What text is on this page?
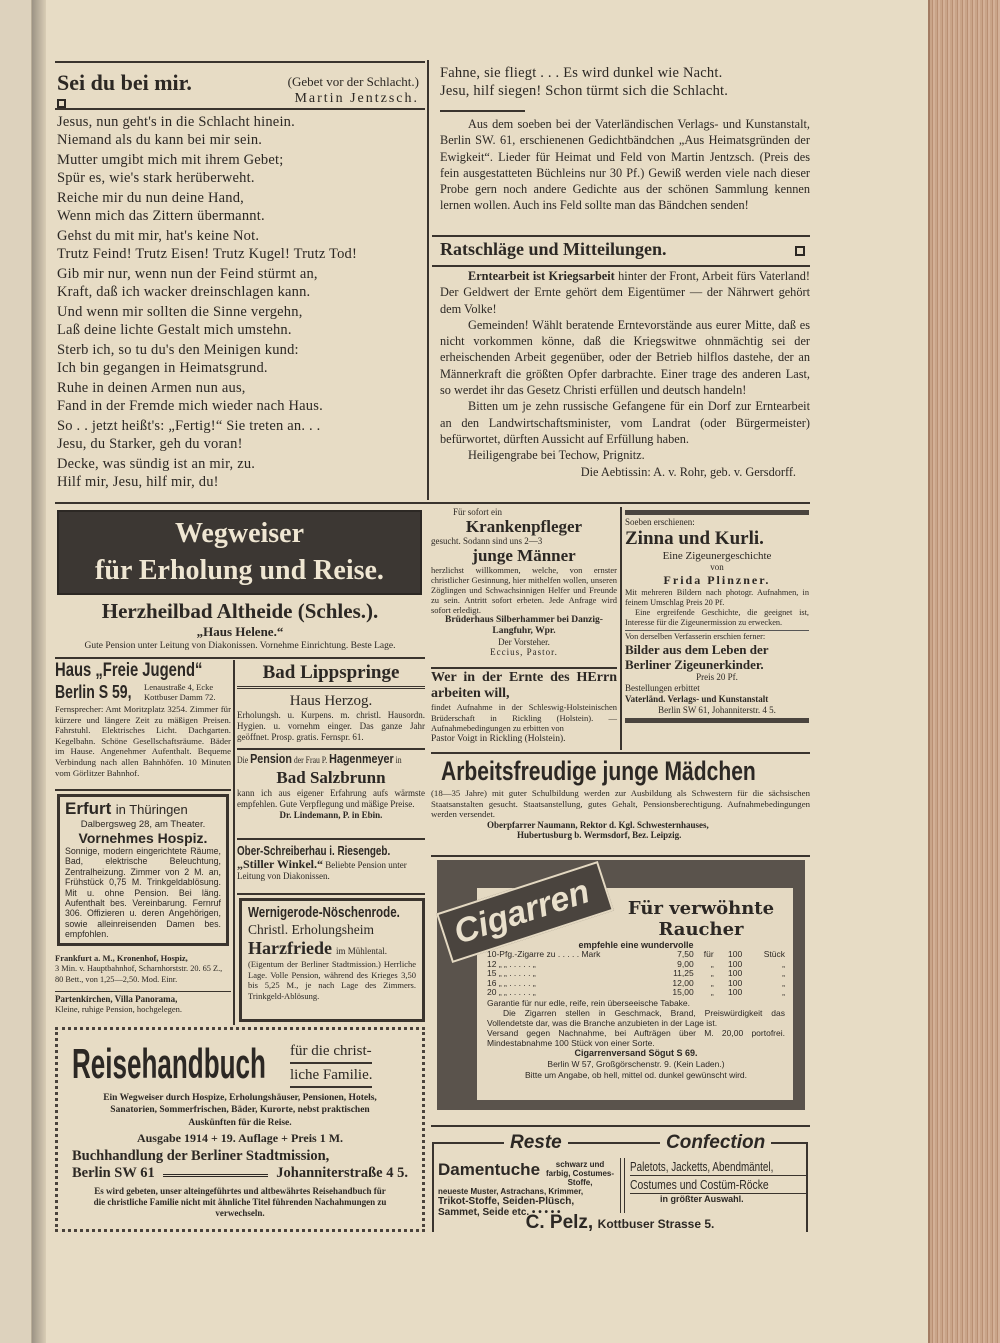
Sei du bei mir.	(Gebet vor der Schlacht.)
Martin Jentzsch.
Jesus, nun geht's in die Schlacht hinein.
Niemand als du kann bei mir sein.
Mutter umgibt mich mit ihrem Gebet;
Spür es, wie's stark herüberweht.
Reiche mir du nun deine Hand,
Wenn mich das Zittern übermannt.
Gehst du mit mir, hat's keine Not.
Trutz Feind! Trutz Eisen! Trutz Kugel! Trutz Tod!
Gib mir nur, wenn nun der Feind stürmt an,
Kraft, daß ich wacker dreinschlagen kann.
Und wenn mir sollten die Sinne vergehn,
Laß deine lichte Gestalt mich umstehn.
Sterb ich, so tu du's den Meinigen kund:
Ich bin gegangen in Heimatsgrund.
Ruhe in deinen Armen nun aus,
Fand in der Fremde mich wieder nach Haus.
So . . jetzt heißt's: „Fertig!“ Sie treten an. . .
Jesu, du Starker, geh du voran!
Decke, was sündig ist an mir, zu.
Hilf mir, Jesu, hilf mir, du!
Fahne, sie fliegt . . . Es wird dunkel wie Nacht.
Jesu, hilf siegen! Schon türmt sich die Schlacht.
Aus dem soeben bei der Vaterländischen Verlags- und Kunstanstalt, Berlin SW. 61, erschienenen Gedichtbändchen „Aus Heimatsgründen der Ewigkeit“. Lieder für Heimat und Feld von Martin Jentzsch. (Preis des fein ausgestatteten Büchleins nur 30 Pf.) Gewiß werden viele nach dieser Probe gern noch andere Gedichte aus der schönen Sammlung kennen lernen wollen. Auch ins Feld sollte man das Bändchen senden!
Ratschläge und Mitteilungen.

Erntearbeit ist Kriegsarbeit hinter der Front, Arbeit fürs Vaterland! Der Geldwert der Ernte gehört dem Eigentümer — der Nährwert gehört dem Volke!

Gemeinden! Wählt beratende Erntevorstände aus eurer Mitte, daß es nicht vorkommen könne, daß die Kriegswitwe ohnmächtig sei der erheischenden Arbeit gegenüber, oder der Betrieb hilflos dastehe, der an Männerkraft die größten Opfer darbrachte. Einer trage des anderen Last, so werdet ihr das Gesetz Christi erfüllen und deutsch handeln!

Bitten um je zehn russische Gefangene für ein Dorf zur Erntearbeit an den Landwirtschaftsminister, vom Landrat (oder Bürgermeister) befürwortet, dürften Aussicht auf Erfüllung haben.

Heiligengrabe bei Techow, Prignitz.

Die Aebtissin: A. v. Rohr, geb. v. Gersdorff.

Wegweiser
für Erholung und Reise.
Herzheilbad Altheide (Schles.).
„Haus Helene.“
Gute Pension unter Leitung von Diakonissen. Vornehme Einrichtung. Beste Lage.
Haus „Freie Jugend“
Berlin S 59,	Lenaustraße 4, Ecke Kottbuser Damm 72.
Fernsprecher: Amt Moritzplatz 3254. Zimmer für kürzere und längere Zeit zu mäßigen Preisen. Fahrstuhl. Elektrisches Licht. Dachgarten. Kegelbahn. Schöne Gesellschaftsräume. Bäder im Hause. Angenehmer Aufenthalt. Bequeme Verbindung nach allen Bahnhöfen. 10 Minuten vom Görlitzer Bahnhof.
Bad Lippspringe
Haus Herzog.
Erholungsh. u. Kurpens. m. christl. Hausordn. Hygien. u. vornehm einger. Das ganze Jahr geöffnet. Prosp. gratis. Fernspr. 61.
Die Pension der Frau P. Hagenmeyer in
Bad Salzbrunn
kann ich aus eigener Erfahrung aufs wärmste empfehlen. Gute Verpflegung und mäßige Preise.
Dr. Lindemann, P. in Ebin.
Ober-Schreiberhau i. Riesengeb.
„Stiller Winkel.“ Beliebte Pension unter Leitung von Diakonissen.
Wernigerode-Nöschenrode.
Christl. Erholungsheim
Harzfriede im Mühlental.
(Eigentum der Berliner Stadtmission.) Herrliche Lage. Volle Pension, während des Krieges 3,50 bis 5,25 M., je nach Lage des Zimmers. Trinkgeld-Ablösung.
Erfurt in Thüringen
Dalbergsweg 28, am Theater.
Vornehmes Hospiz.
Sonnige, modern eingerichtete Räume, Bad, elektrische Beleuchtung, Zentralheizung. Zimmer von 2 M. an, Frühstück 0,75 M. Trinkgeldablösung. Mit u. ohne Pension. Bei läng. Aufenthalt bes. Vereinbarung. Fernruf 306. Offizieren u. deren Angehörigen, sowie alleinreisenden Damen bes. empfohlen.
Frankfurt a. M., Kronenhof, Hospiz,
3 Min. v. Hauptbahnhof, Scharnhorststr. 20. 65 Z., 80 Bett., von 1,25—2,50. Mod. Einr.
Partenkirchen, Villa Panorama,
Kleine, ruhige Pension, hochgelegen.
Reisehandbuch	für die christ-
liche Familie.
Ein Wegweiser durch Hospize, Erholungshäuser, Pensionen, Hotels, Sanatorien, Sommerfrischen, Bäder, Kurorte, nebst praktischen Auskünften für die Reise.
Ausgabe 1914 + 19. Auflage + Preis 1 M.
Buchhandlung der Berliner Stadtmission,
Berlin SW 61	Johanniterstraße 4 5.
Es wird gebeten, unser alteingeführtes und altbewährtes Reisehandbuch für die christliche Familie nicht mit ähnliche Titel führenden Nachahmungen zu verwechseln.
Für sofort ein
Krankenpfleger
gesucht. Sodann sind uns 2—3
junge Männer
herzlichst willkommen, welche, von ernster christlicher Gesinnung, hier mithelfen wollen, unseren Zöglingen und Schwachsinnigen Helfer und Freunde zu sein. Antritt sofort erbeten. Jede Anfrage wird sofort erledigt.
Brüderhaus Silberhammer bei Danzig-Langfuhr, Wpr.
Der Vorsteher.
Eccius, Pastor.
Wer in der Ernte des HErrn arbeiten will,
findet Aufnahme in der Schleswig-Holsteinischen Brüderschaft in Rickling (Holstein). — Aufnahmebedingungen zu erbitten von
Pastor Voigt in Rickling (Holstein).
Soeben erschienen:
Zinna und Kurli.
Eine Zigeunergeschichte
von
Frida Plinzner.
Mit mehreren Bildern nach photogr. Aufnahmen, in feinem Umschlag Preis 20 Pf.
Eine ergreifende Geschichte, die geeignet ist, Interesse für die Zigeunermission zu erwecken.
Von derselben Verfasserin erschien ferner:
Bilder aus dem Leben der Berliner Zigeunerkinder.
Preis 20 Pf.
Bestellungen erbittet
Vaterländ. Verlags- und Kunstanstalt
Berlin SW 61, Johanniterstr. 4 5.
Arbeitsfreudige junge Mädchen
(18—35 Jahre) mit guter Schulbildung werden zur Ausbildung als Schwestern für die sächsischen Staatsanstalten gesucht. Staatsanstellung, gutes Gehalt, Pensionsberechtigung. Aufnahmebedingungen werden versendet.
Oberpfarrer Naumann, Rektor d. Kgl. Schwesternhauses,
Hubertusburg b. Wermsdorf, Bez. Leipzig.
Für verwöhnte Raucher
empfehle eine wundervolle
10-Pfg.-Zigarre zu . . . . . Mark	7,50	für	100	Stück
12 „ „ . . . . . „	9,00	„	100	„
15 „ „ . . . . . „	11,25	„	100	„
16 „ „ . . . . . „	12,00	„	100	„
20 „ „ . . . . . „	15,00	„	100	„
Garantie für nur edle, reife, rein überseeische Tabake.
Die Zigarren stellen in Geschmack, Brand, Preiswürdigkeit das Vollendetste dar, was die Branche anzubieten in der Lage ist.
Versand gegen Nachnahme, bei Aufträgen über M. 20,00 portofrei. Mindestabnahme 100 Stück von einer Sorte.
Cigarrenversand Sögut S 69.
Berlin W 57, Großgörschenstr. 9. (Kein Laden.)
Bitte um Angabe, ob hell, mittel od. dunkel gewünscht wird.
Cigarren
Reste	Confection
Damentuche	schwarz und farbig, Costumes-Stoffe,
neueste Muster, Astrachans, Krimmer,
Trikot-Stoffe, Seiden-Plüsch, Sammet, Seide etc. • • • • •
Paletots, Jacketts, Abendmäntel,
Costumes und Costüm-Röcke
in größter Auswahl.
C. Pelz, Kottbuser Strasse 5.
